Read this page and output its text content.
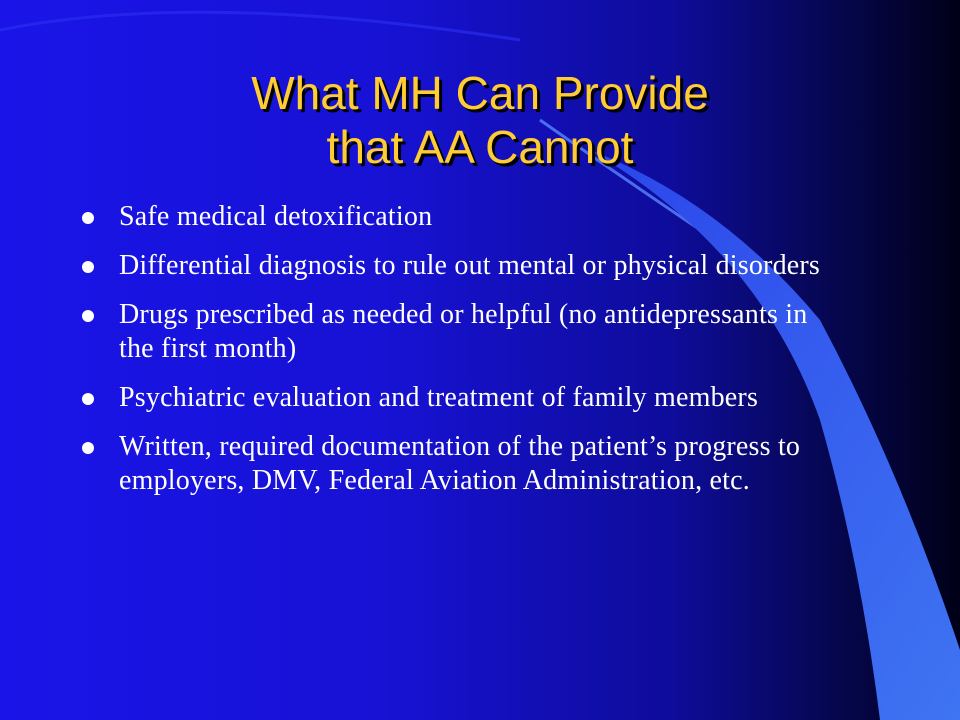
What MH Can Provide
that AA Cannot
Safe medical detoxification
Differential diagnosis to rule out mental or physical disorders
Drugs prescribed as needed or helpful (no antidepressants in the first month)
Psychiatric evaluation and treatment of family members
Written, required documentation of the patient’s progress to employers, DMV, Federal Aviation Administration, etc.
